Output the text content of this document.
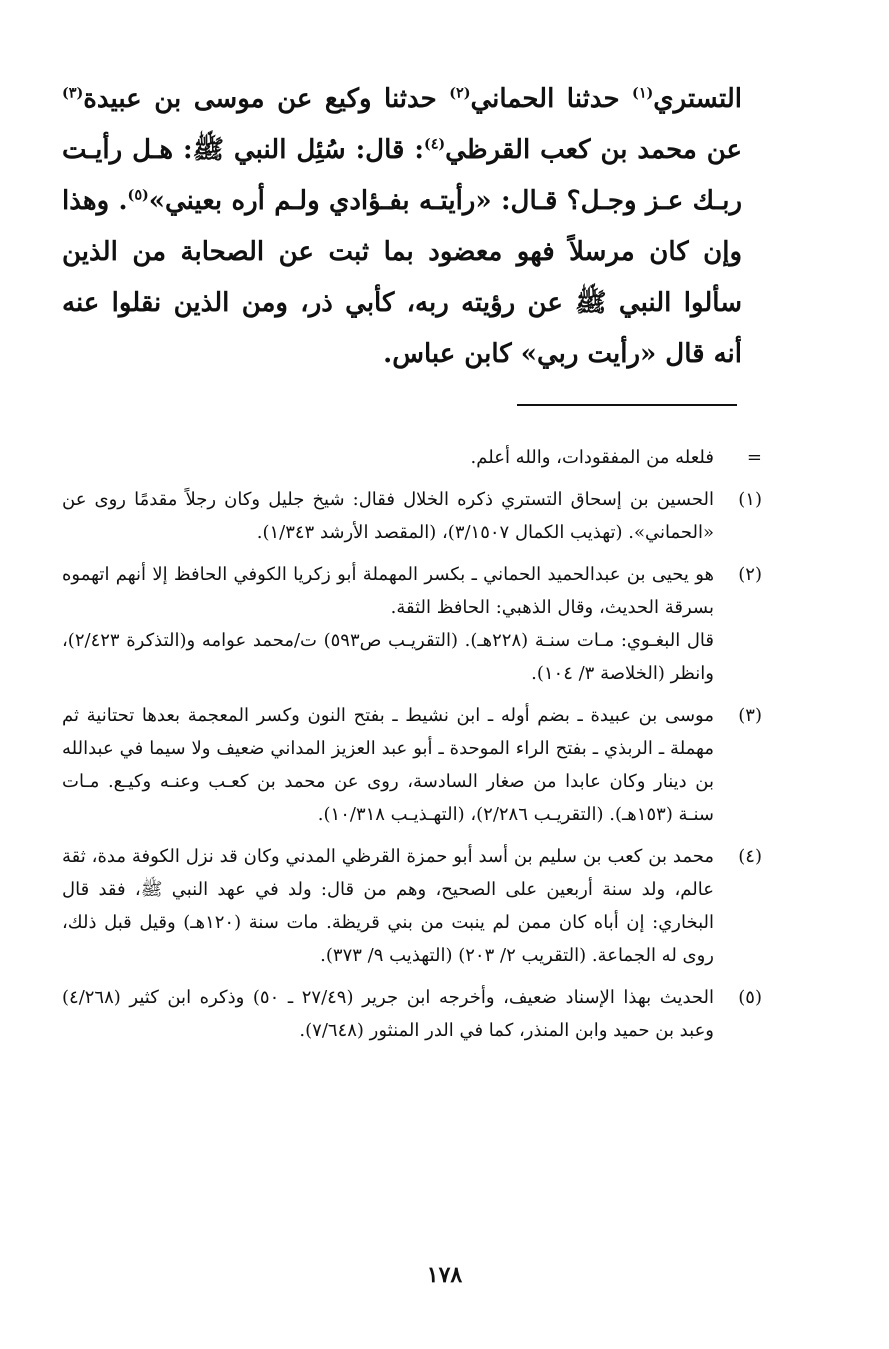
التستري$^{(١)}$ حدثنا الحماني$^{(٢)}$ حدثنا وكيع عن موسى بن عبيدة$^{(٣)}$ عن محمد بن كعب القرظي$^{(٤)}$: قال: سُئِل النبي ﷺ: هـل رأيـت ربـك عـز وجـل؟ قـال: «رأيتـه بفـؤادي ولـم أره بعيني»$^{(٥)}$. وهذا وإن كان مرسلاً فهو معضود بما ثبت عن الصحابة من الذين سألوا النبي ﷺ عن رؤيته ربه، كأبي ذر، ومن الذين نقلوا عنه أنه قال «رأيت ربي» كابن عباس.

=
فلعله من المفقودات، والله أعلم.
(١)
الحسين بن إسحاق التستري ذكره الخلال فقال: شيخ جليل وكان رجلاً مقدمًا روى عن «الحماني». (تهذيب الكمال ٣/١٥٠٧)، (المقصد الأرشد ١/٣٤٣).
(٢)
هو يحيى بن عبدالحميد الحماني ـ بكسر المهملة أبو زكريا الكوفي الحافظ إلا أنهم اتهموه بسرقة الحديث، وقال الذهبي: الحافظ الثقة.
قال البغـوي: مـات سنـة (٢٢٨هـ). (التقريـب ص٥٩٣) ت/محمد عوامه و(التذكرة ٢/٤٢٣)، وانظر (الخلاصة ٣/ ١٠٤).
(٣)
موسى بن عبيدة ـ بضم أوله ـ ابن نشيط ـ بفتح النون وكسر المعجمة بعدها تحتانية ثم مهملة ـ الربذي ـ بفتح الراء الموحدة ـ أبو عبد العزيز المداني ضعيف ولا سيما في عبدالله بن دينار وكان عابدا من صغار السادسة، روى عن محمد بن كعـب وعنـه وكيـع. مـات سنـة (١٥٣هـ). (التقريـب ٢/٢٨٦)، (التهـذيـب ١٠/٣١٨).
(٤)
محمد بن كعب بن سليم بن أسد أبو حمزة القرظي المدني وكان قد نزل الكوفة مدة، ثقة عالم، ولد سنة أربعين على الصحيح، وهم من قال: ولد في عهد النبي ﷺ، فقد قال البخاري: إن أباه كان ممن لم ينبت من بني قريظة. مات سنة (١٢٠هـ) وقيل قبل ذلك، روى له الجماعة. (التقريب ٢/ ٢٠٣) (التهذيب ٩/ ٣٧٣).
(٥)
الحديث بهذا الإسناد ضعيف، وأخرجه ابن جرير (٢٧/٤٩ ـ ٥٠) وذكره ابن كثير (٤/٢٦٨) وعبد بن حميد وابن المنذر، كما في الدر المنثور (٧/٦٤٨).
١٧٨
